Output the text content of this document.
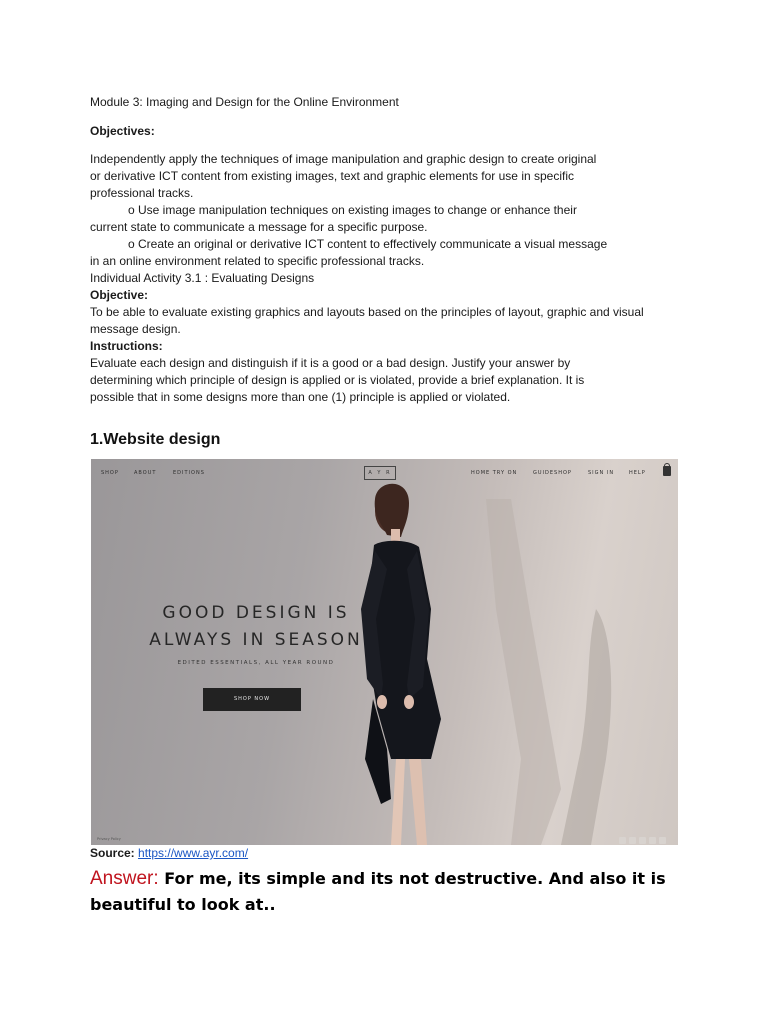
Module 3: Imaging and Design for the Online Environment
Objectives:
Independently apply the techniques of image manipulation and graphic design to create original
or derivative ICT content from existing images, text and graphic elements for use in specific
professional tracks.
o Use image manipulation techniques on existing images to change or enhance their
current state to communicate a message for a specific purpose.
o Create an original or derivative ICT content to effectively communicate a visual message
in an online environment related to specific professional tracks.
Individual Activity 3.1 : Evaluating Designs
Objective:
To be able to evaluate existing graphics and layouts based on the principles of layout, graphic and visual
message design.
Instructions:
Evaluate each design and distinguish if it is a good or a bad design. Justify your answer by
determining which principle of design is applied or is violated, provide a brief explanation. It is
possible that in some designs more than one (1) principle is applied or violated.
1.Website design
SHOP	ABOUT	EDITIONS	HOME TRY ON	GUIDESHOP	SIGN IN	HELP
A Y R
GOOD DESIGN IS
ALWAYS IN SEASON
EDITED ESSENTIALS, ALL YEAR ROUND
SHOP NOW
Privacy Policy
Source: https://www.ayr.com/
Answer: For me, its simple and its not destructive. And also it is beautiful to look at..
